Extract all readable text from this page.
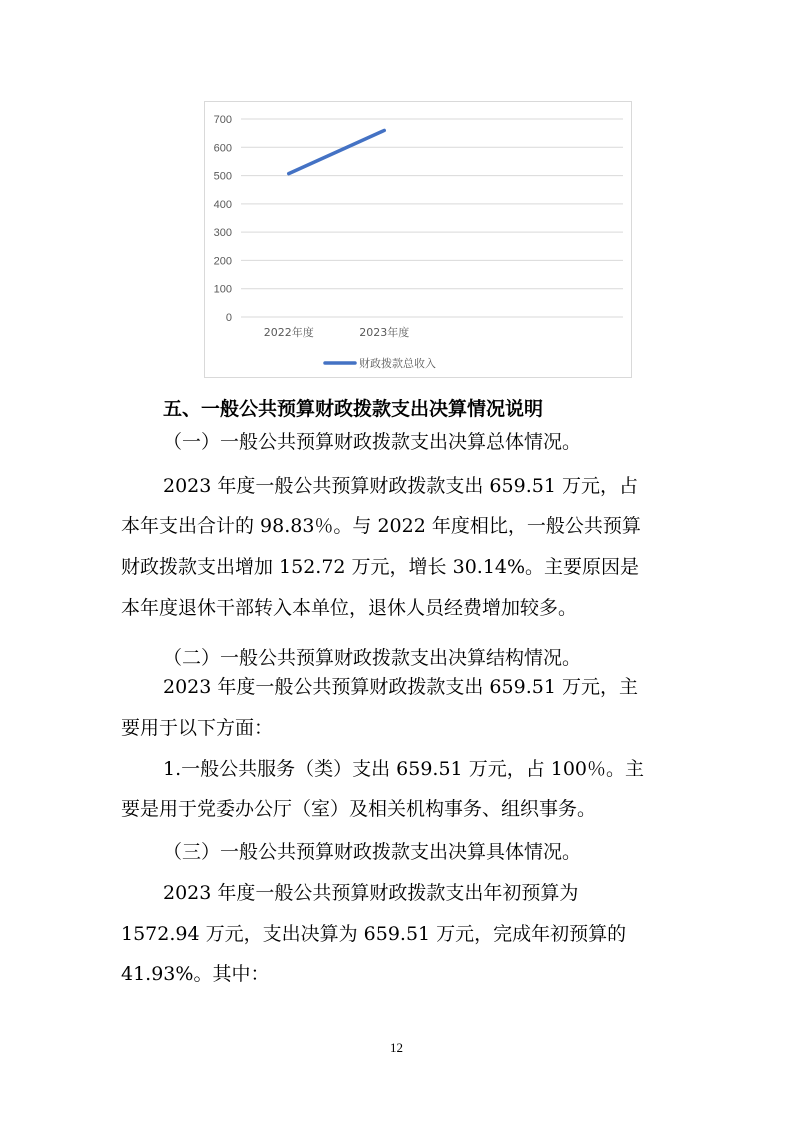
0
100
200
300
400
500
600
700
2022年度	2023年度
财政拨款总收入
五、一般公共预算财政拨款支出决算情况说明
（一）一般公共预算财政拨款支出决算总体情况。
2023 年度一般公共预算财政拨款支出 659.51 万元，占
本年支出合计的 98.83％。与 2022 年度相比，一般公共预算
财政拨款支出增加 152.72 万元，增长 30.14%。主要原因是
本年度退休干部转入本单位，退休人员经费增加较多。
（二）一般公共预算财政拨款支出决算结构情况。
2023 年度一般公共预算财政拨款支出 659.51 万元，主
要用于以下方面：
1.一般公共服务（类）支出 659.51 万元，占 100％。主
要是用于党委办公厅（室）及相关机构事务、组织事务。
（三）一般公共预算财政拨款支出决算具体情况。
2023 年度一般公共预算财政拨款支出年初预算为
1572.94 万元，支出决算为 659.51 万元，完成年初预算的
41.93%。其中：
12
